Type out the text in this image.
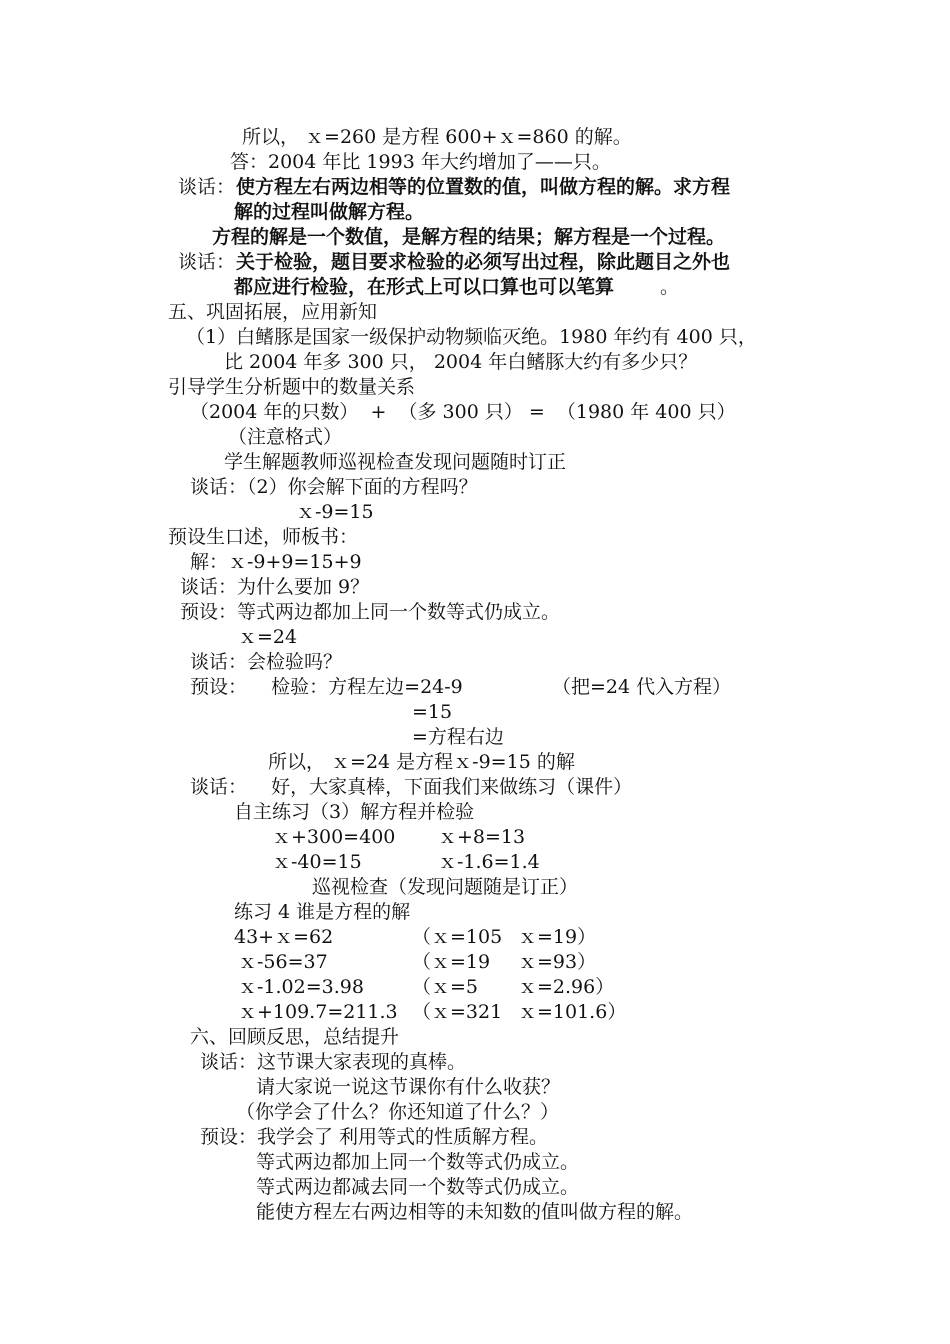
所以， ｘ=260 是方程 600+ｘ=860 的解。
答：2004 年比 1993 年大约增加了——只。
谈话： 使方程左右两边相等的位置数的值，叫做方程的解。求方程
解的过程叫做解方程。
方程的解是一个数值，是解方程的结果；解方程是一个过程。
谈话： 关于检验，题目要求检验的必须写出过程，除此题目之外也
都应进行检验，在形式上可以口算也可以笔算 。
五、巩固拓展，应用新知
（1）白鳍豚是国家一级保护动物频临灭绝。1980 年约有 400 只，
比 2004 年多 300 只， 2004 年白鳍豚大约有多少只？
引导学生分析题中的数量关系
（2004 年的只数）  +  （多 300 只） =  （1980 年 400 只）
（注意格式）
学生解题教师巡视检查发现问题随时订正
谈话：（2）你会解下面的方程吗？
ｘ-9=15
预设生口述，师板书：
解：ｘ-9+9=15+9
谈话：为什么要加 9？
预设：等式两边都加上同一个数等式仍成立。
ｘ=24
谈话：会检验吗？
预设：    检验：方程左边=24-9	（把=24 代入方程）
=15
=方程右边
所以， ｘ=24 是方程ｘ-9=15 的解
谈话：    好，大家真棒，下面我们来做练习（课件）
自主练习（3）解方程并检验
ｘ+300=400 ｘ+8=13
ｘ-40=15	ｘ-1.6=1.4
巡视检查（发现问题随是订正）
练习 4 谁是方程的解
43+ｘ=62	（ｘ=105 ｘ=19）
ｘ-56=37	（ｘ=19 ｘ=93）
ｘ-1.02=3.98	（ｘ=5 ｘ=2.96）
ｘ+109.7=211.3 （ｘ=321 ｘ=101.6）
六、回顾反思，总结提升
谈话：这节课大家表现的真棒。
请大家说一说这节课你有什么收获？
（你学会了什么？你还知道了什么？）
预设：我学会了 利用等式的性质解方程。
等式两边都加上同一个数等式仍成立。
等式两边都减去同一个数等式仍成立。
能使方程左右两边相等的未知数的值叫做方程的解。
